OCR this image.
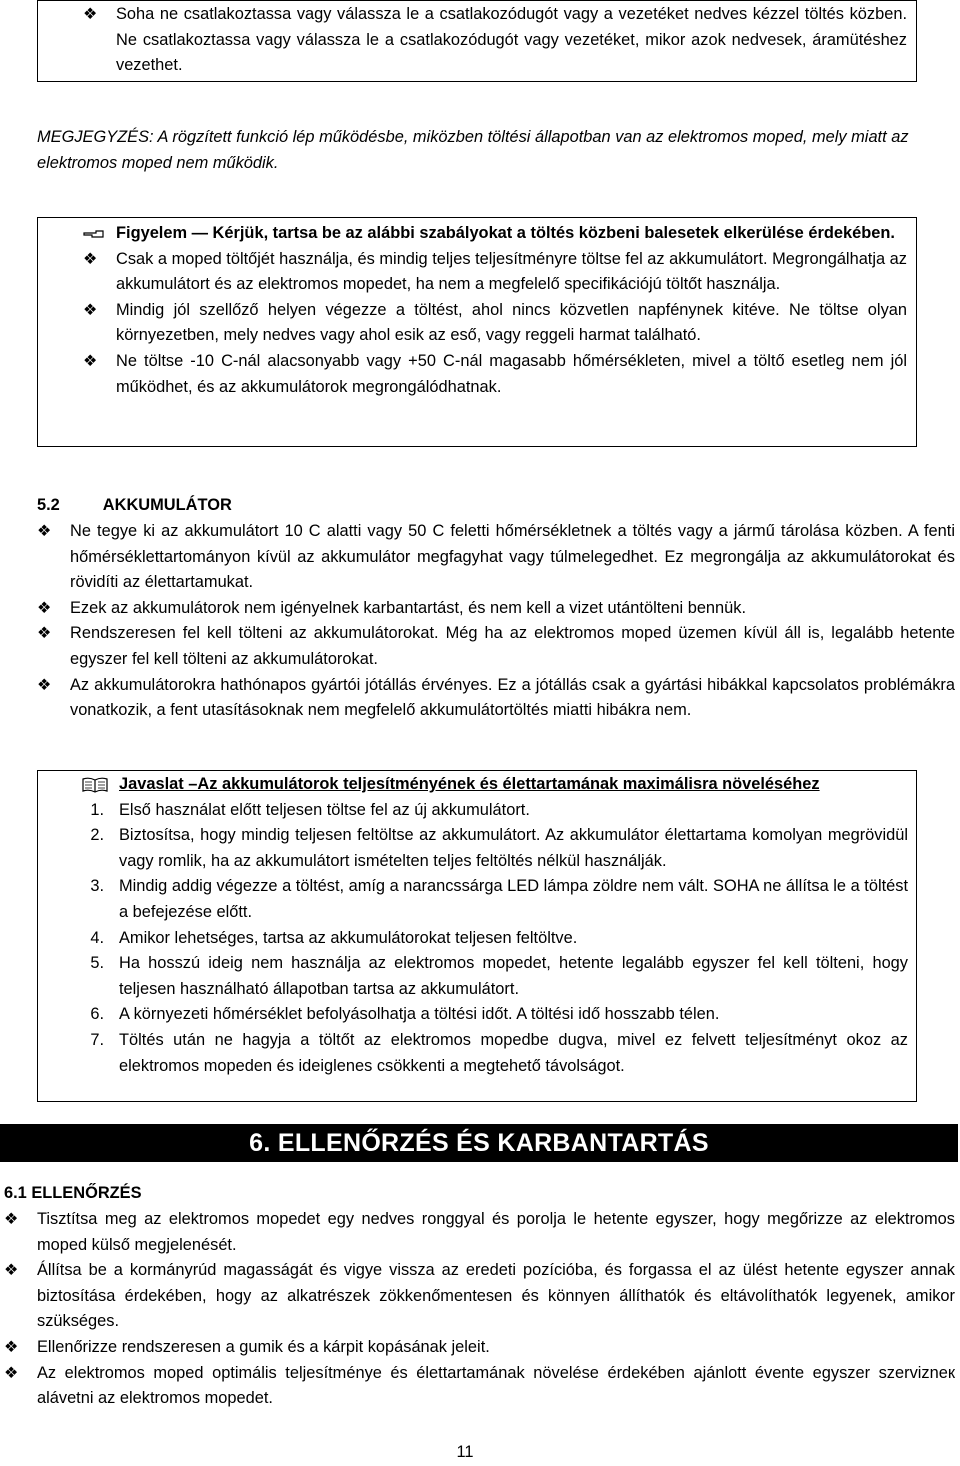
❖ Soha ne csatlakoztassa vagy válassza le a csatlakozódugót vagy a vezetéket nedves kézzel töltés közben. Ne csatlakoztassa vagy válassza le a csatlakozódugót vagy vezetéket, mikor azok nedvesek, áramütéshez vezethet.
MEGJEGYZÉS: A rögzített funkció lép működésbe, miközben töltési állapotban van az elektromos moped, mely miatt az elektromos moped nem működik.
Figyelem — Kérjük, tartsa be az alábbi szabályokat a töltés közbeni balesetek elkerülése érdekében.
❖ Csak a moped töltőjét használja, és mindig teljes teljesítményre töltse fel az akkumulátort. Megrongálhatja az akkumulátort és az elektromos mopedet, ha nem a megfelelő specifikációjú töltőt használja.
❖ Mindig jól szellőző helyen végezze a töltést, ahol nincs közvetlen napfénynek kitéve. Ne töltse olyan környezetben, mely nedves vagy ahol esik az eső, vagy reggeli harmat található.
❖ Ne töltse -10 C-nál alacsonyabb vagy +50 C-nál magasabb hőmérsékleten, mivel a töltő esetleg nem jól működhet, és az akkumulátorok megrongálódhatnak.
5.2	AKKUMULÁTOR
❖ Ne tegye ki az akkumulátort 10 C alatti vagy 50 C feletti hőmérsékletnek a töltés vagy a jármű tárolása közben. A fenti hőmérséklettartományon kívül az akkumulátor megfagyhat vagy túlmelegedhet. Ez megrongálja az akkumulátorokat és rövidíti az élettartamukat.
❖ Ezek az akkumulátorok nem igényelnek karbantartást, és nem kell a vizet utántölteni bennük.
❖ Rendszeresen fel kell tölteni az akkumulátorokat. Még ha az elektromos moped üzemen kívül áll is, legalább hetente egyszer fel kell tölteni az akkumulátorokat.
❖ Az akkumulátorokra hathónapos gyártói jótállás érvényes. Ez a jótállás csak a gyártási hibákkal kapcsolatos problémákra vonatkozik, a fent utasításoknak nem megfelelő akkumulátortöltés miatti hibákra nem.
Javaslat –Az akkumulátorok teljesítményének és élettartamának maximálisra növeléséhez
1. Első használat előtt teljesen töltse fel az új akkumulátort.
2. Biztosítsa, hogy mindig teljesen feltöltse az akkumulátort. Az akkumulátor élettartama komolyan megrövidül vagy romlik, ha az akkumulátort ismételten teljes feltöltés nélkül használják.
3. Mindig addig végezze a töltést, amíg a narancssárga LED lámpa zöldre nem vált. SOHA ne állítsa le a töltést a befejezése előtt.
4. Amikor lehetséges, tartsa az akkumulátorokat teljesen feltöltve.
5. Ha hosszú ideig nem használja az elektromos mopedet, hetente legalább egyszer fel kell tölteni, hogy teljesen használható állapotban tartsa az akkumulátort.
6. A környezeti hőmérséklet befolyásolhatja a töltési időt. A töltési idő hosszabb télen.
7. Töltés után ne hagyja a töltőt az elektromos mopedbe dugva, mivel ez felvett teljesítményt okoz az elektromos mopeden és ideiglenes csökkenti a megtehető távolságot.
6. ELLENŐRZÉS ÉS KARBANTARTÁS
6.1 ELLENŐRZÉS
❖ Tisztítsa meg az elektromos mopedet egy nedves ronggyal és porolja le hetente egyszer, hogy megőrizze az elektromos moped külső megjelenését.
❖ Állítsa be a kormányrúd magasságát és vigye vissza az eredeti pozícióba, és forgassa el az ülést hetente egyszer annak biztosítása érdekében, hogy az alkatrészek zökkenőmentesen és könnyen állíthatók és eltávolíthatók legyenek, amikor szükséges.
❖ Ellenőrizze rendszeresen a gumik és a kárpit kopásának jeleit.
❖ Az elektromos moped optimális teljesítménye és élettartamának növelése érdekében ajánlott évente egyszer szervizneк alávetni az elektromos mopedet.
11
